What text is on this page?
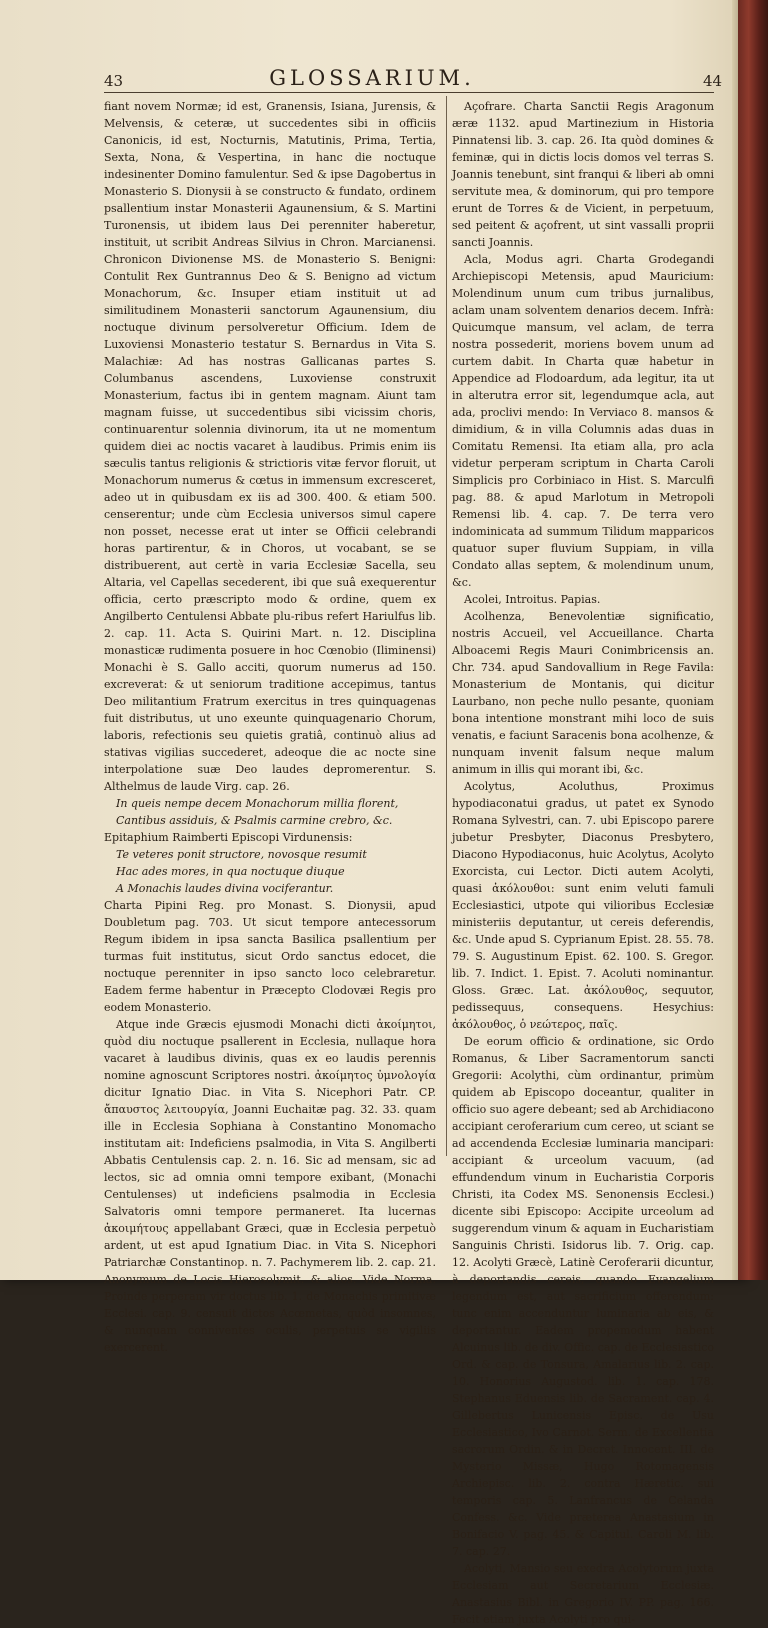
43	GLOSSARIUM.	44

fiant novem Normæ; id est, Granensis, Isiana, Jurensis, & Melvensis, & ceteræ, ut succedentes sibi in officiis Canonicis, id est, Nocturnis, Matutinis, Prima, Tertia, Sexta, Nona, & Vespertina, in hanc die noctuque indesinenter Domino famulentur. Sed & ipse Dagobertus in Monasterio S. Dionysii à se constructo & fundato, ordinem psallentium instar Monasterii Agaunensium, & S. Martini Turonensis, ut ibidem laus Dei perenniter haberetur, instituit, ut scribit Andreas Silvius in Chron. Marcianensi. Chronicon Divionense MS. de Monasterio S. Benigni: Contulit Rex Guntrannus Deo & S. Benigno ad victum Monachorum, &c. Insuper etiam instituit ut ad similitudinem Monasterii sanctorum Agaunensium, diu noctuque divinum persolveretur Officium. Idem de Luxoviensi Monasterio testatur S. Bernardus in Vita S. Malachiæ: Ad has nostras Gallicanas partes S. Columbanus ascendens, Luxoviense construxit Monasterium, factus ibi in gentem magnam. Aiunt tam magnam fuisse, ut succedentibus sibi vicissim choris, continuarentur solennia divinorum, ita ut ne momentum quidem diei ac noctis vacaret à laudibus. Primis enim iis sæculis tantus religionis & strictioris vitæ fervor floruit, ut Monachorum numerus & cœtus in immensum excresceret, adeo ut in quibusdam ex iis ad 300. 400. & etiam 500. censerentur; unde cùm Ecclesia universos simul capere non posset, necesse erat ut inter se Officii celebrandi horas partirentur, & in Choros, ut vocabant, se se distribuerent, aut certè in varia Ecclesiæ Sacella, seu Altaria, vel Capellas secederent, ibi que suâ exequerentur officia, certo præscripto modo & ordine, quem ex Angilberto Centulensi Abbate plu-ribus refert Hariulfus lib. 2. cap. 11. Acta S. Quirini Mart. n. 12. Disciplina monasticæ rudimenta posuere in hoc Cœnobio (Iliminensi) Monachi è S. Gallo acciti, quorum numerus ad 150. excreverat: & ut seniorum traditione accepimus, tantus Deo militantium Fratrum exercitus in tres quinquagenas fuit distributus, ut uno exeunte quinquagenario Chorum, laboris, refectionis seu quietis gratiâ, continuò alius ad stativas vigilias succederet, adeoque die ac nocte sine interpolatione suæ Deo laudes depromerentur. S. Althelmus de laude Virg. cap. 26.

In queis nempe decem Monachorum millia florent,

Cantibus assiduis, & Psalmis carmine crebro, &c.

Epitaphium Raimberti Episcopi Virdunensis:

Te veteres ponit structore, novosque resumit

Hac ades mores, in qua noctuque diuque

A Monachis laudes divina vociferantur.

Charta Pipini Reg. pro Monast. S. Dionysii, apud Doubletum pag. 703. Ut sicut tempore antecessorum Regum ibidem in ipsa sancta Basilica psallentium per turmas fuit institutus, sicut Ordo sanctus edocet, die noctuque perenniter in ipso sancto loco celebraretur. Eadem ferme habentur in Præcepto Clodovæi Regis pro eodem Monasterio.

Atque inde Græcis ejusmodi Monachi dicti ἀκοίμητοι, quòd diu noctuque psallerent in Ecclesia, nullaque hora vacaret à laudibus divinis, quas ex eo laudis perennis nomine agnoscunt Scriptores nostri. ἀκοίμητος ὑμνολογία dicitur Ignatio Diac. in Vita S. Nicephori Patr. CP. ἄπαυστος λειτουργία, Joanni Euchaitæ pag. 32. 33. quam ille in Ecclesia Sophiana à Constantino Monomacho institutam ait: Indeficiens psalmodia, in Vita S. Angilberti Abbatis Centulensis cap. 2. n. 16. Sic ad mensam, sic ad lectos, sic ad omnia omni tempore exibant, (Monachi Centulenses) ut indeficiens psalmodia in Ecclesia Salvatoris omni tempore permaneret. Ita lucernas ἀκοιμήτους appellabant Græci, quæ in Ecclesia perpetuò ardent, ut est apud Ignatium Diac. in Vita S. Nicephori Patriarchæ Constantinop. n. 7. Pachymerem lib. 2. cap. 21. Anonymum de Locis Hierosolymit. & alios. Vide Norma. Proinde perperam vir doctus lib. 1. de Monachis primitivæ Ecclesi. cap. 9. censuit dictos Acœmetas, quòd insomnes, & nunquam conniventes oculis, perpetuis se vigiliis exercerent.

Açofrare. Charta Sanctii Regis Aragonum æræ 1132. apud Martinezium in Historia Pinnatensi lib. 3. cap. 26. Ita quòd domines & feminæ, qui in dictis locis domos vel terras S. Joannis tenebunt, sint franqui & liberi ab omni servitute mea, & dominorum, qui pro tempore erunt de Torres & de Vicient, in perpetuum, sed peitent & açofrent, ut sint vassalli proprii sancti Joannis.

Acla, Modus agri. Charta Grodegandi Archiepiscopi Metensis, apud Mauricium: Molendinum unum cum tribus jurnalibus, aclam unam solventem denarios decem. Infrà: Quicumque mansum, vel aclam, de terra nostra possederit, moriens bovem unum ad curtem dabit. In Charta quæ habetur in Appendice ad Flodoardum, ada legitur, ita ut in alterutra error sit, legendumque acla, aut ada, proclivi mendo: In Verviaco 8. mansos & dimidium, & in villa Columnis adas duas in Comitatu Remensi. Ita etiam alla, pro acla videtur perperam scriptum in Charta Caroli Simplicis pro Corbiniaco in Hist. S. Marculfi pag. 88. & apud Marlotum in Metropoli Remensi lib. 4. cap. 7. De terra vero indominicata ad summum Tilidum mapparicos quatuor super fluvium Suppiam, in villa Condato allas septem, & molendinum unum, &c.

Acolei, Introitus. Papias.

Acolhenza, Benevolentiæ significatio, nostris Accueil, vel Accueillance. Charta Alboacemi Regis Mauri Conimbricensis an. Chr. 734. apud Sandovallium in Rege Favila: Monasterium de Montanis, qui dicitur Laurbano, non peche nullo pesante, quoniam bona intentione monstrant mihi loco de suis venatis, e faciunt Saracenis bona acolhenze, & nunquam invenit falsum neque malum animum in illis qui morant ibi, &c.

Acolytus, Acoluthus, Proximus hypodiaconatui gradus, ut patet ex Synodo Romana Sylvestri, can. 7. ubi Episcopo parere jubetur Presbyter, Diaconus Presbytero, Diacono Hypodiaconus, huic Acolytus, Acolyto Exorcista, cui Lector. Dicti autem Acolyti, quasi ἀκόλουθοι: sunt enim veluti famuli Ecclesiastici, utpote qui vilioribus Ecclesiæ ministeriis deputantur, ut cereis deferendis, &c. Unde apud S. Cyprianum Epist. 28. 55. 78. 79. S. Augustinum Epist. 62. 100. S. Gregor. lib. 7. Indict. 1. Epist. 7. Acoluti nominantur. Gloss. Græc. Lat. ἀκόλουθος, sequutor, pedissequus, consequens. Hesychius: ἀκόλουθος, ὁ νεώτερος, παῖς.

De eorum officio & ordinatione, sic Ordo Romanus, & Liber Sacramentorum sancti Gregorii: Acolythi, cùm ordinantur, primùm quidem ab Episcopo doceantur, qualiter in officio suo agere debeant; sed ab Archidiacono accipiant ceroferarium cum cereo, ut sciant se ad accendenda Ecclesiæ luminaria mancipari: accipiant & urceolum vacuum, (ad effundendum vinum in Eucharistia Corporis Christi, ita Codex MS. Senonensis Ecclesi.) dicente sibi Episcopo: Accipite urceolum ad suggerendum vinum & aquam in Eucharistiam Sanguinis Christi. Isidorus lib. 7. Orig. cap. 12. Acolyti Græcè, Latinè Ceroferarii dicuntur, à deportandis cereis, quando Evangelium legendum est, aut sacrificium offerendum: tunc enim accenduntur luminaria ab eis, & deportantur. Eadem propemodum habent Alcuinus lib. de div. Offic. cap. de Ecclesiastico Ord. & cap. de Tonsura, Amalarius lib. 2. cap. 10. Honorius Augustod. lib. 1. cap. 178. Stephanus Eduensis lib. de Sacrament. cap. 4. Gillebertus Lunicensis Episc. de Usu Ecclesiastico, Ivo Carnot. Serm. de Excellentia sacrorum Ordin. & in Decret. Innocent. III. de Mysterio Missæ, Hugo Rotomagensis Archiepisc. lib. 2. contra Hæretic. sui temporis cap. 5. Lanfrancus de Celanda Confess. &c. Vide præterea Anastasium in Bonifacio V. pag. 45. & Capitul. Caroli M. lib. 7. cap. 27.

Acolyti, Mansio seu exedra Acolytorum juxta Ecclesiam aut Secretarium Ecclesiæ. Anastasius Bibl. in Gregorio IV. PP. pag. 166. Fecit etiam juxta Acolyti pro qui-
